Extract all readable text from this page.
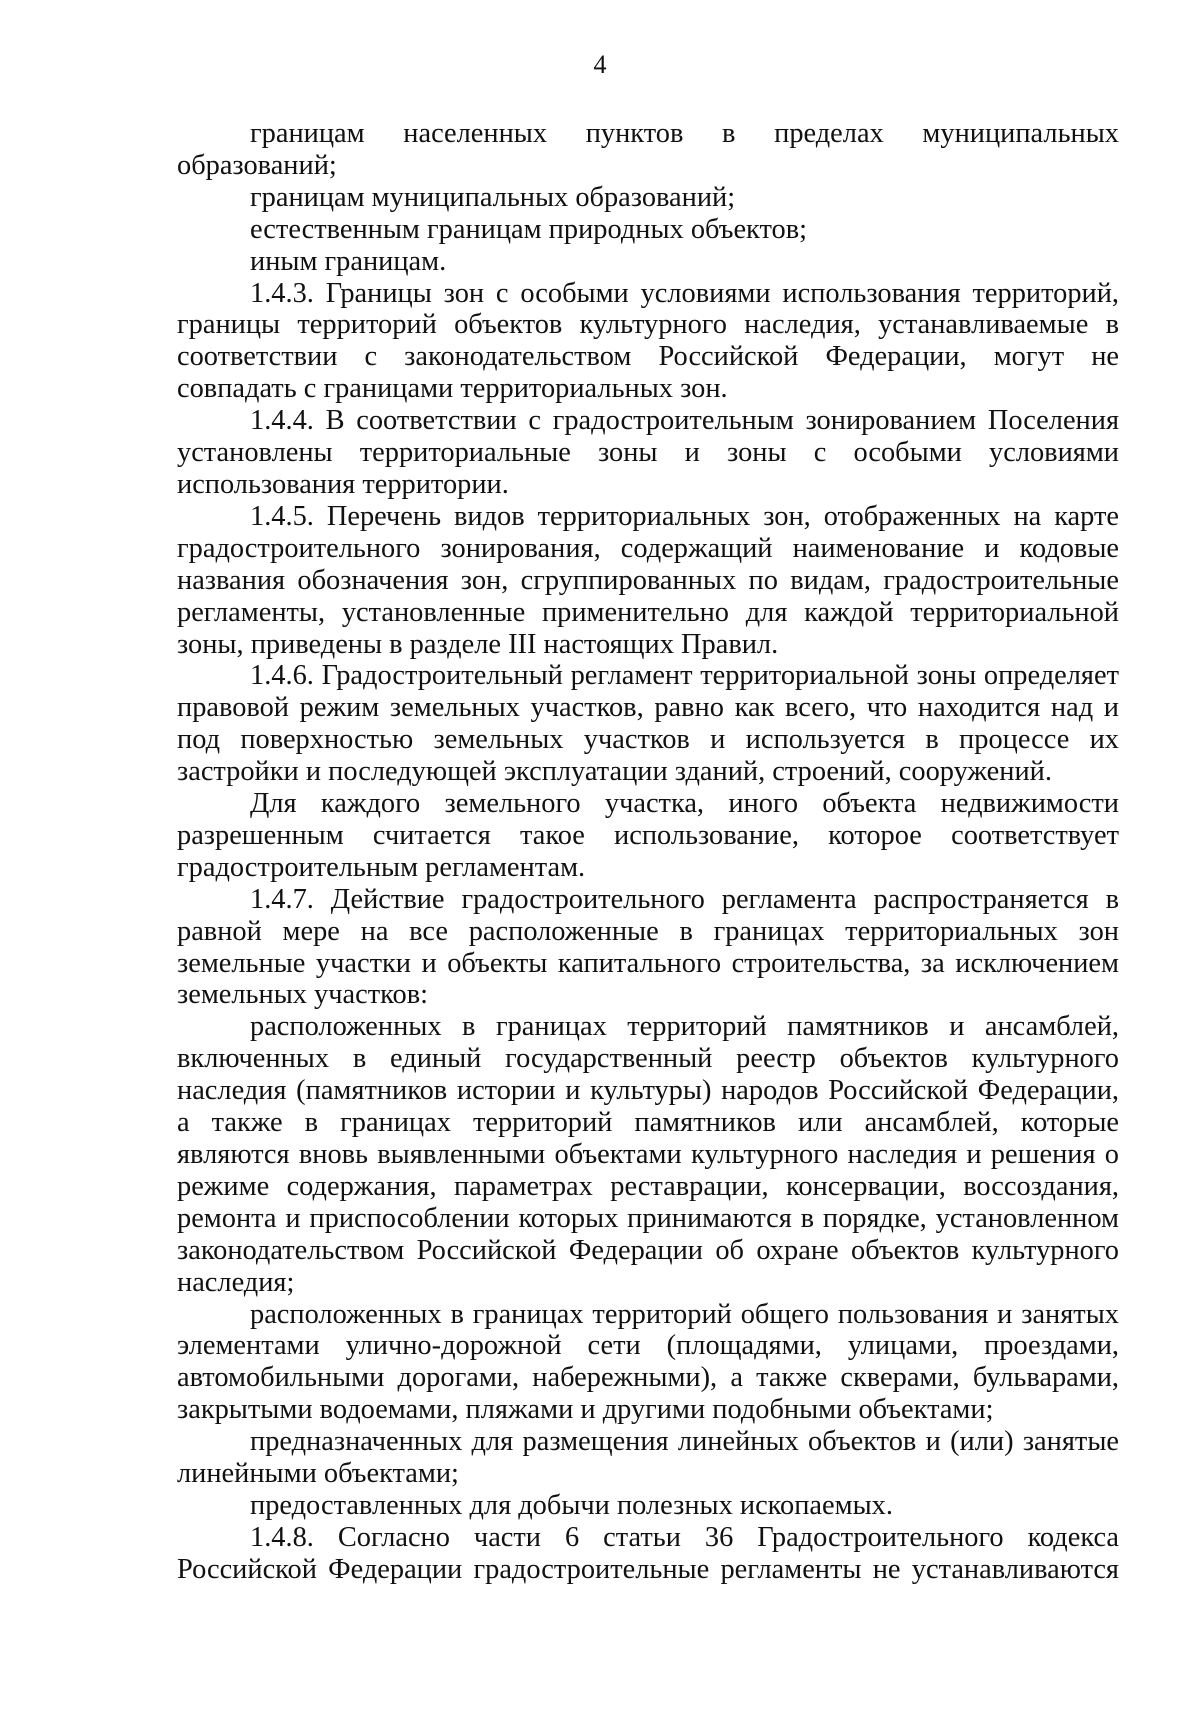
4

границам населенных пунктов в пределах муниципальных образований;

границам муниципальных образований;

естественным границам природных объектов;

иным границам.

1.4.3. Границы зон с особыми условиями использования территорий, границы территорий объектов культурного наследия, устанавливаемые в соответствии с законодательством Российской Федерации, могут не совпадать с границами территориальных зон.

1.4.4. В соответствии с градостроительным зонированием Поселения установлены территориальные зоны и зоны с особыми условиями использования территории.

1.4.5. Перечень видов территориальных зон, отображенных на карте градостроительного зонирования, содержащий наименование и кодовые названия обозначения зон, сгруппированных по видам, градостроительные регламенты, установленные применительно для каждой территориальной зоны, приведены в разделе III настоящих Правил.

1.4.6. Градостроительный регламент территориальной зоны определяет правовой режим земельных участков, равно как всего, что находится над и под поверхностью земельных участков и используется в процессе их застройки и последующей эксплуатации зданий, строений, сооружений.

Для каждого земельного участка, иного объекта недвижимости разрешенным считается такое использование, которое соответствует градостроительным регламентам.

1.4.7. Действие градостроительного регламента распространяется в равной мере на все расположенные в границах территориальных зон земельные участки и объекты капитального строительства, за исключением земельных участков:

расположенных в границах территорий памятников и ансамблей, включенных в единый государственный реестр объектов культурного наследия (памятников истории и культуры) народов Российской Федерации, а также в границах территорий памятников или ансамблей, которые являются вновь выявленными объектами культурного наследия и решения о режиме содержания, параметрах реставрации, консервации, воссоздания, ремонта и приспособлении которых принимаются в порядке, установленном законодательством Российской Федерации об охране объектов культурного наследия;

расположенных в границах территорий общего пользования и занятых элементами улично-дорожной сети (площадями, улицами, проездами, автомобильными дорогами, набережными), а также скверами, бульварами, закрытыми водоемами, пляжами и другими подобными объектами;

предназначенных для размещения линейных объектов и (или) занятые линейными объектами;

предоставленных для добычи полезных ископаемых.

1.4.8. Согласно части 6 статьи 36 Градостроительного кодекса Российской Федерации градостроительные регламенты не устанавливаются
